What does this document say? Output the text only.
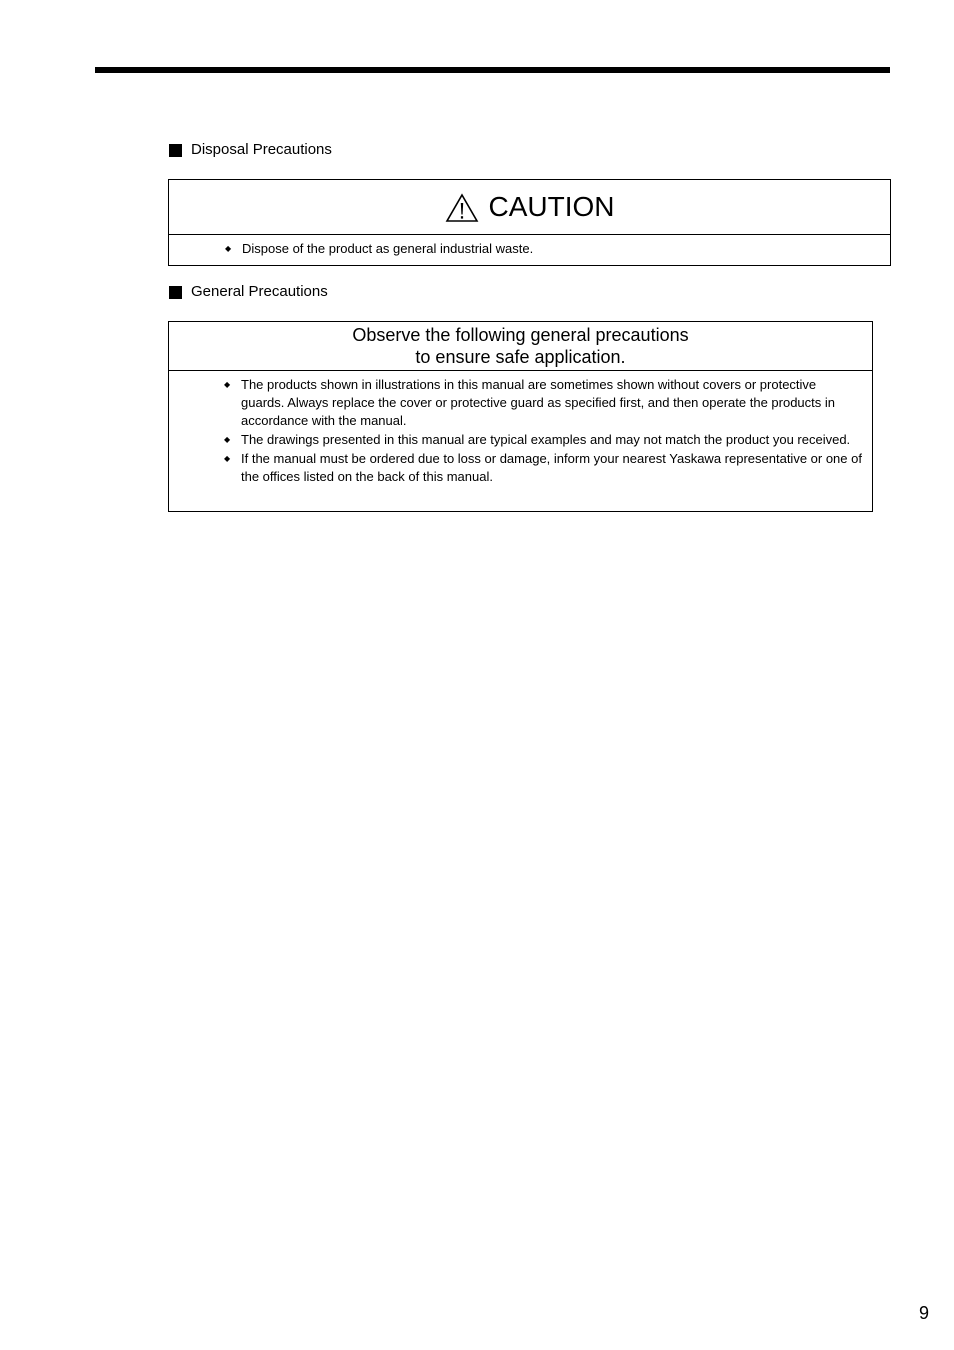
Disposal Precautions
CAUTION
◆ Dispose of the product as general industrial waste.
General Precautions
Observe the following general precautions
to ensure safe application.
◆ The products shown in illustrations in this manual are sometimes shown without covers or protective guards. Always replace the cover or protective guard as specified first, and then operate the products in accordance with the manual.
◆ The drawings presented in this manual are typical examples and may not match the product you received.
◆ If the manual must be ordered due to loss or damage, inform your nearest Yaskawa representative or one of the offices listed on the back of this manual.
9
